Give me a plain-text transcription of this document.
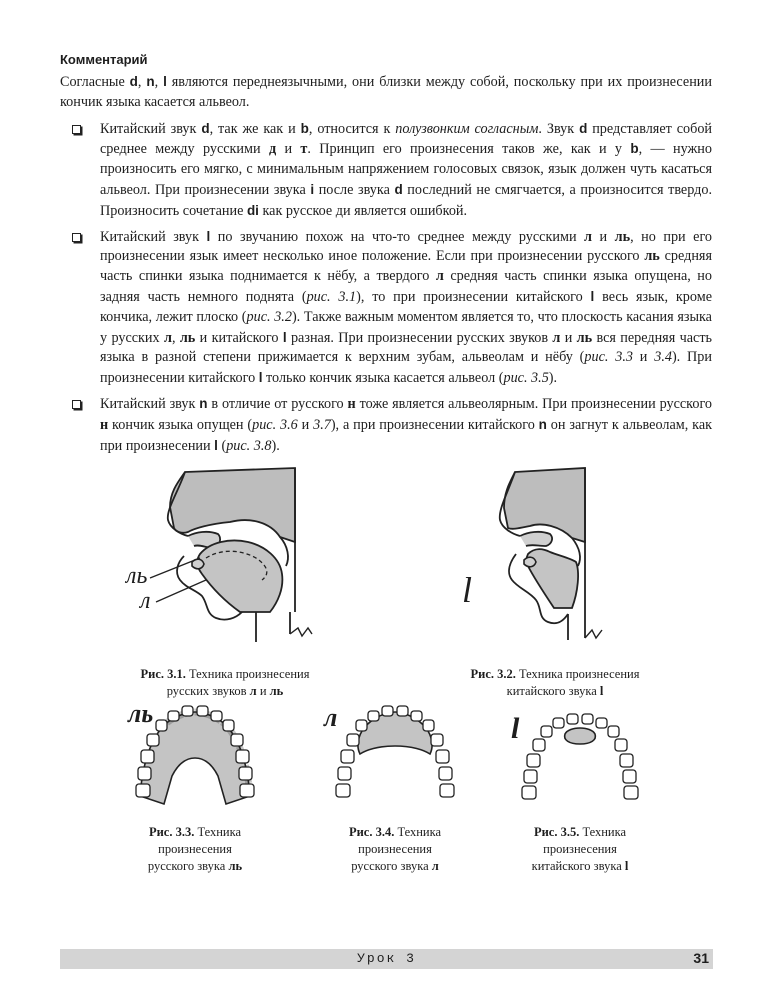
Комментарий

Согласные d, n, l являются переднеязычными, они близки между собой, поскольку при их произнесении кончик языка касается альвеол.

Китайский звук d, так же как и b, относится к полузвонким согласным. Звук d представляет собой среднее между русскими д и т. Принцип его произнесения таков же, как и у b, — нужно произносить его мягко, с минимальным напряжением голосовых связок, язык должен чуть касаться альвеол. При произнесении звука i после звука d последний не смягчается, а произносится твердо. Произносить сочетание di как русское ди является ошибкой.
Китайский звук l по звучанию похож на что-то среднее между русскими л и ль, но при его произнесении язык имеет несколько иное положение. Если при произнесении русского ль средняя часть спинки языка поднимается к нёбу, а твердого л средняя часть спинки языка опущена, но задняя часть немного поднята (рис. 3.1), то при произнесении китайского l весь язык, кроме кончика, лежит плоско (рис. 3.2). Также важным моментом является то, что плоскость касания языка у русских л, ль и китайского l разная. При произнесении русских звуков л и ль вся передняя часть языка в разной степени прижимается к верхним зубам, альвеолам и нёбу (рис. 3.3 и 3.4). При произнесении китайского l только кончик языка касается альвеол (рис. 3.5).
Китайский звук n в отличие от русского н тоже является альвеолярным. При произнесении русского н кончик языка опущен (рис. 3.6 и 3.7), а при произнесении китайского n он загнут к альвеолам, как при произнесении l (рис. 3.8).
ль
л
Рис. 3.1. Техника произнесения
русских звуков л и ль
l
Рис. 3.2. Техника произнесения
китайского звука l
ль
Рис. 3.3. Техника
произнесения
русского звука ль
л
Рис. 3.4. Техника
произнесения
русского звука л
l
Рис. 3.5. Техника
произнесения
китайского звука l
Урок 3	31
